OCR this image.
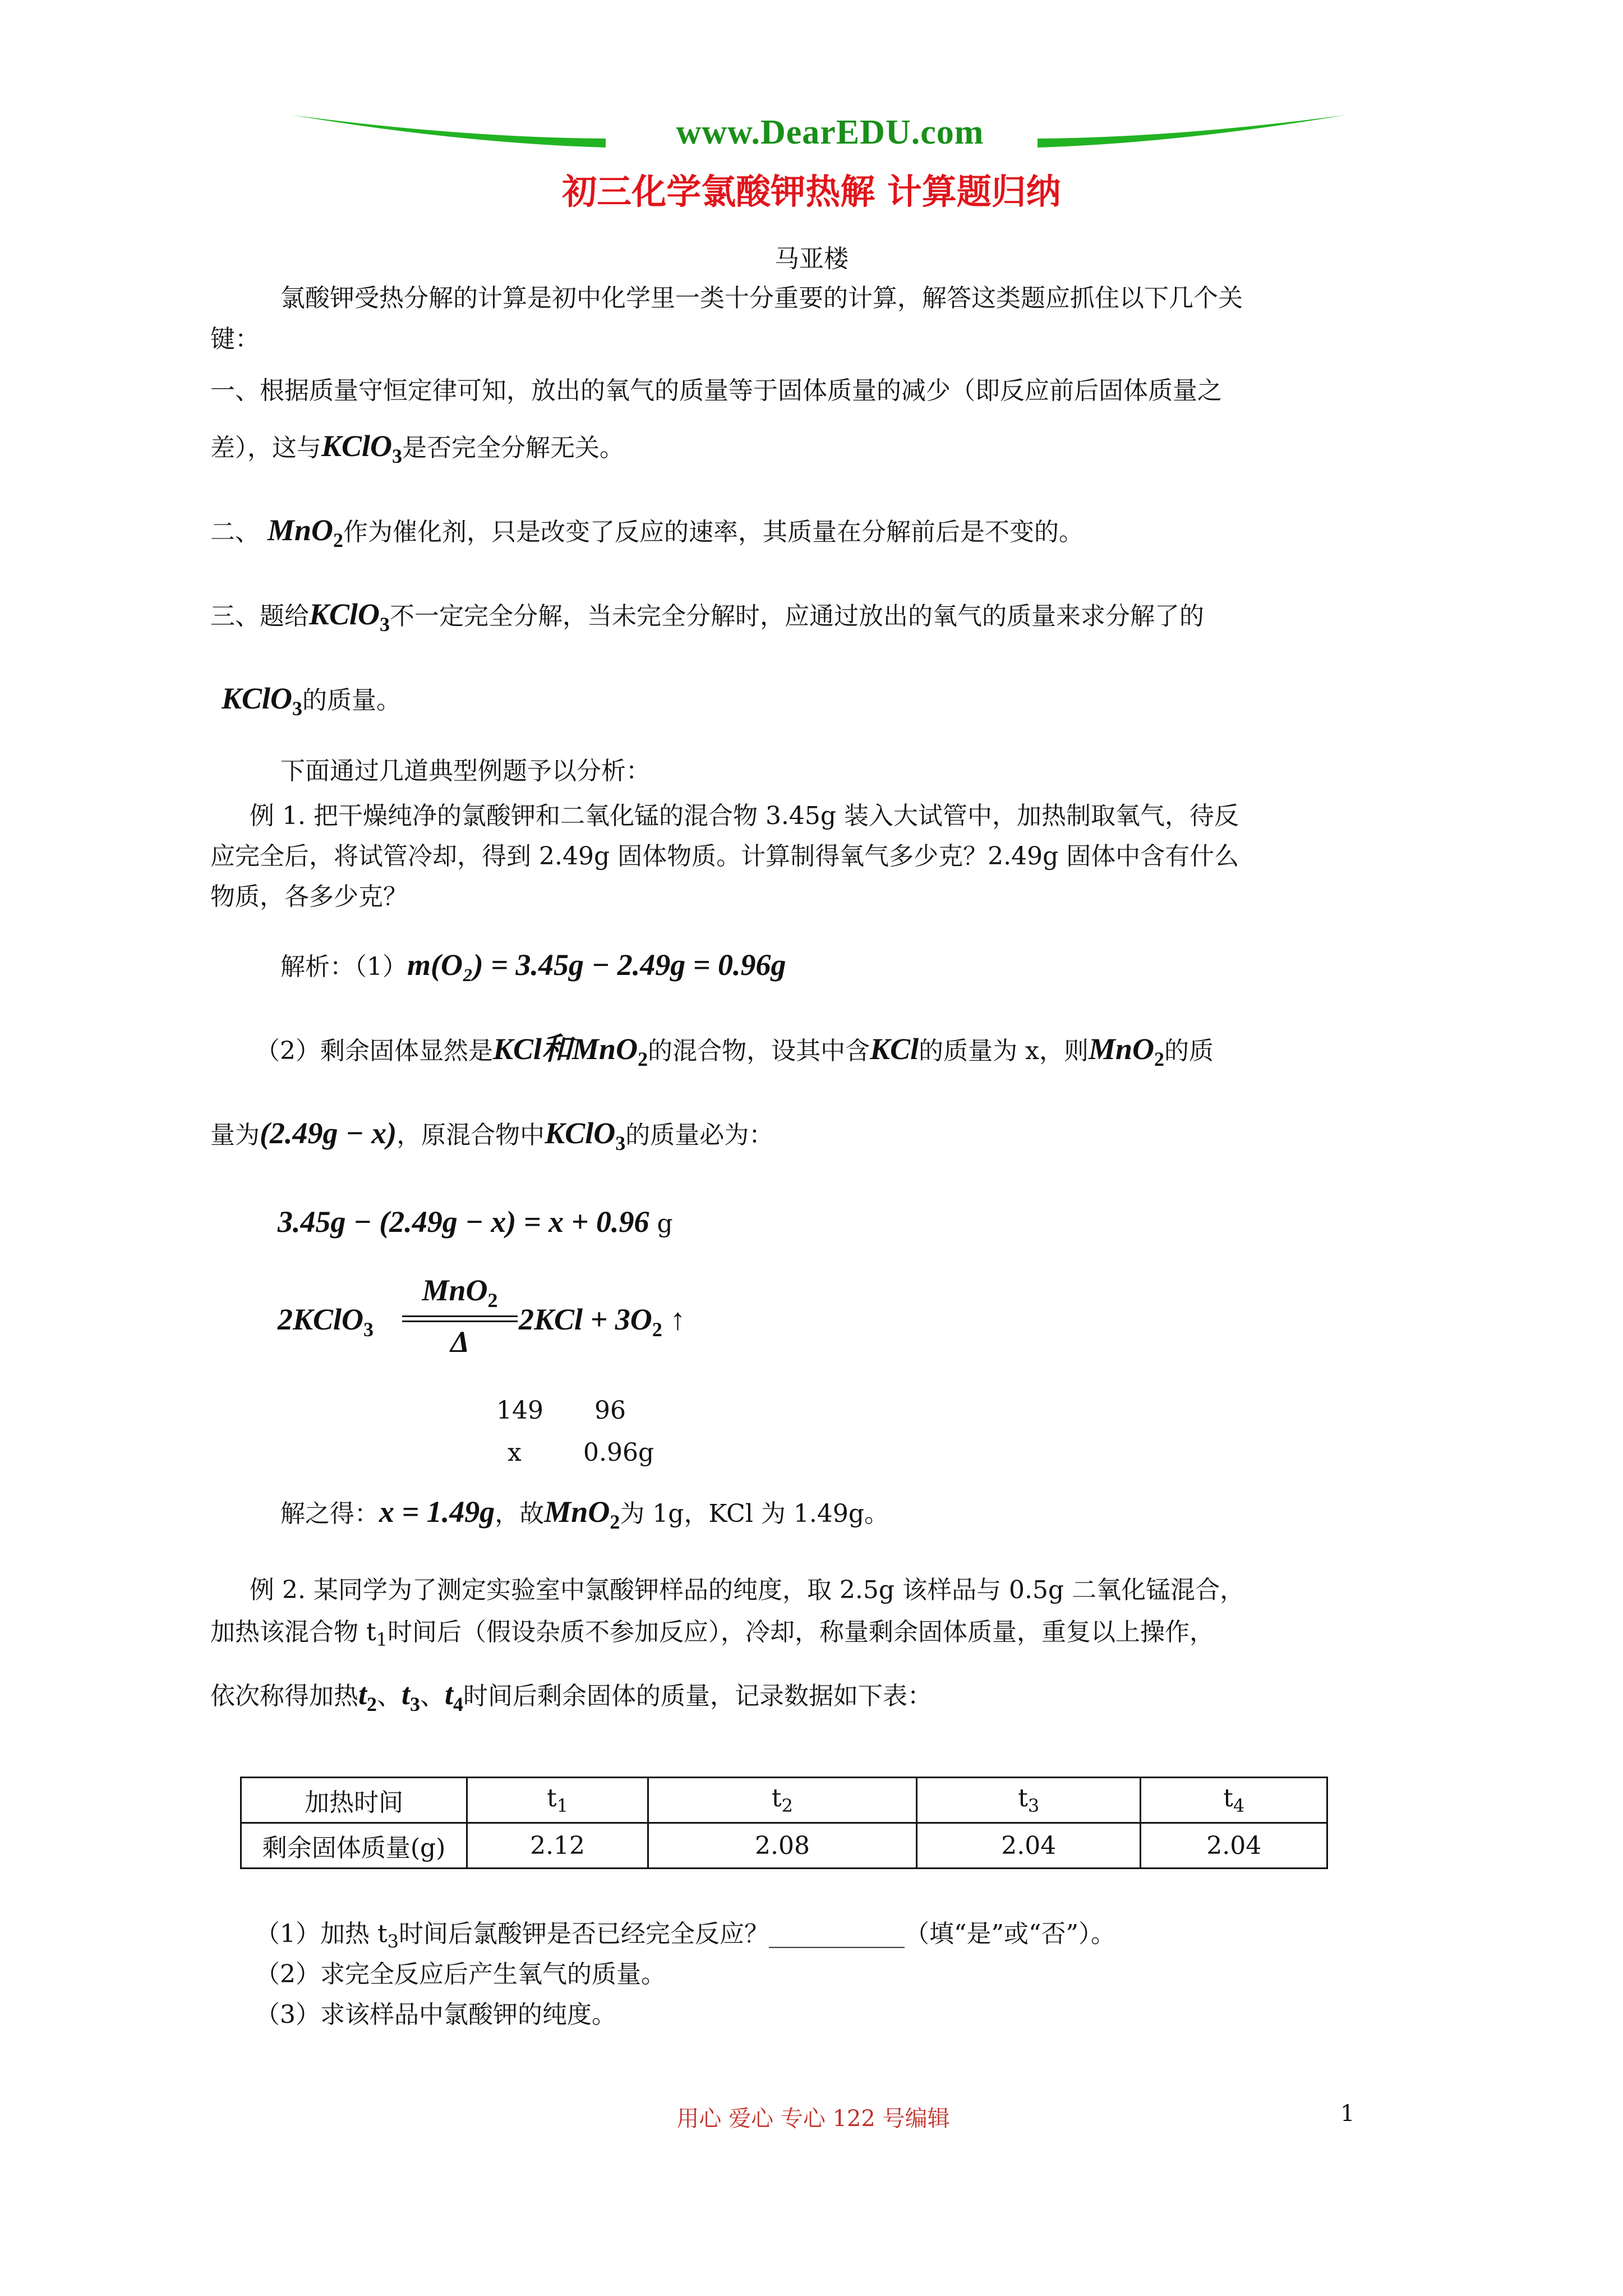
www.DearEDU.com
初三化学氯酸钾热解 计算题归纳
马亚楼
氯酸钾受热分解的计算是初中化学里一类十分重要的计算，解答这类题应抓住以下几个关
键：
一、根据质量守恒定律可知，放出的氧气的质量等于固体质量的减少（即反应前后固体质量之
差），这与KClO$_3$是否完全分解无关。
二、 MnO$_2$作为催化剂，只是改变了反应的速率，其质量在分解前后是不变的。
三、题给KClO$_3$不一定完全分解，当未完全分解时，应通过放出的氧气的质量来求分解了的
KClO$_3$的质量。
下面通过几道典型例题予以分析：
例 1. 把干燥纯净的氯酸钾和二氧化锰的混合物 3.45g 装入大试管中，加热制取氧气，待反
应完全后，将试管冷却，得到 2.49g 固体物质。计算制得氧气多少克？2.49g 固体中含有什么
物质，各多少克？
解析：（1）m(O₂) = 3.45g − 2.49g = 0.96g
（2）剩余固体显然是KCl和MnO$_2$的混合物，设其中含KCl的质量为 x，则MnO$_2$的质
量为(2.49g − x)，原混合物中KClO$_3$的质量必为：
3.45g − (2.49g − x) = x + 0.96 g
2KClO$_3$
MnO$_2$
Δ
$2KCl + 3O_2$ ↑
149 96
x	0.96g
解之得：x = 1.49g，故MnO$_2$为 1g，KCl 为 1.49g。
例 2. 某同学为了测定实验室中氯酸钾样品的纯度，取 2.5g 该样品与 0.5g 二氧化锰混合，
加热该混合物 $t_1$时间后（假设杂质不参加反应），冷却，称量剩余固体质量，重复以上操作，
依次称得加热$t_2$、$t_3$、$t_4$时间后剩余固体的质量，记录数据如下表：
加热时间	$t_1$	$t_2$	$t_3$	$t_4$
剩余固体质量(g)	2.12	2.08	2.04	2.04
（1）加热 $t_3$时间后氯酸钾是否已经完全反应？___________（填“是”或“否”）。
（2）求完全反应后产生氧气的质量。
（3）求该样品中氯酸钾的纯度。
用心 爱心 专心 122 号编辑	1
